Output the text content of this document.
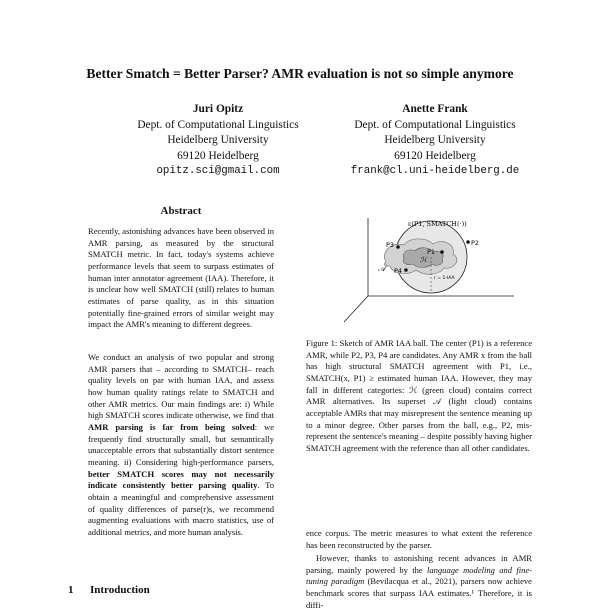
Better Smatch = Better Parser? AMR evaluation is not so simple anymore
Juri Opitz
Dept. of Computational Linguistics
Heidelberg University
69120 Heidelberg
opitz.sci@gmail.com
Anette Frank
Dept. of Computational Linguistics
Heidelberg University
69120 Heidelberg
frank@cl.uni-heidelberg.de
Abstract
Recently, astonishing advances have been observed in AMR parsing, as measured by the structural SMATCH metric. In fact, today's systems achieve performance levels that seem to surpass estimates of human inter annotator agreement (IAA). Therefore, it is unclear how well SMATCH (still) relates to human estimates of parse quality, as in this situation potentially fine-grained errors of similar weight may impact the AMR's meaning to different degrees.
We conduct an analysis of two popular and strong AMR parsers that – according to SMATCH– reach quality levels on par with human IAA, and assess how human quality ratings relate to SMATCH and other AMR metrics. Our main findings are: i) While high SMATCH scores indicate otherwise, we find that AMR parsing is far from being solved: we frequently find structurally small, but semantically unacceptable errors that substantially distort sentence meaning. ii) Considering high-performance parsers, better SMATCH scores may not necessarily indicate consistently better parsing quality. To obtain a meaningful and comprehensive assessment of quality differences of parse(r)s, we recommend augmenting evaluations with macro statistics, use of additional metrics, and more human analysis.
1 Introduction
ε(P1, SMATCH(·))
P1
P2
P3
P4
ℋ
𝒜
r = 1-IAA
Figure 1: Sketch of AMR IAA ball. The center (P1) is a reference AMR, while P2, P3, P4 are candidates. Any AMR x from the ball has high structural SMATCH agreement with P1, i.e., SMATCH(x, P1) ≥ estimated human IAA. However, they may fall in different categories: ℋ (green cloud) contains correct AMR alternatives. Its superset 𝒜 (light cloud) contains acceptable AMRs that may misrepresent the sentence meaning up to a minor degree. Other parses from the ball, e.g., P2, mis-represent the sentence's meaning – despite possibly having higher SMATCH agreement with the reference than all other candidates.
ence corpus. The metric measures to what extent the reference has been reconstructed by the parser.
However, thanks to astonishing recent advances in AMR parsing, mainly powered by the language modeling and fine-tuning paradigm (Bevilacqua et al., 2021), parsers now achieve benchmark scores that surpass IAA estimates.¹ Therefore, it is diffi-
